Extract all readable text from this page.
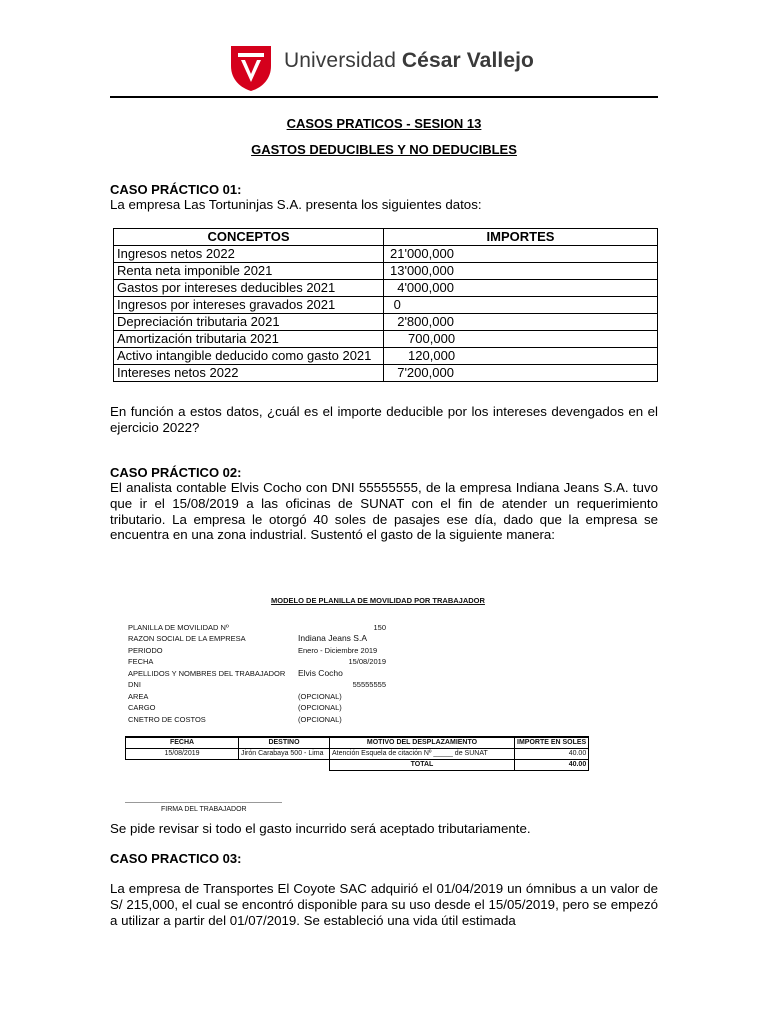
Universidad César Vallejo
CASOS PRATICOS - SESION 13
GASTOS DEDUCIBLES Y NO DEDUCIBLES
CASO PRÁCTICO 01:
La empresa Las Tortuninjas S.A. presenta los siguientes datos:
CONCEPTOS	IMPORTES
Ingresos netos 2022	21'000,000
Renta neta imponible 2021	13'000,000
Gastos por intereses deducibles 2021	4'000,000
Ingresos por intereses gravados 2021	0
Depreciación tributaria 2021	2'800,000
Amortización tributaria 2021	700,000
Activo intangible deducido como gasto 2021	120,000
Intereses netos 2022	7'200,000
En función a estos datos, ¿cuál es el importe deducible por los intereses devengados en el ejercicio 2022?
CASO PRÁCTICO 02:
El analista contable Elvis Cocho con DNI 55555555, de la empresa Indiana Jeans S.A. tuvo que ir el 15/08/2019 a las oficinas de SUNAT con el fin de atender un requerimiento tributario. La empresa le otorgó 40 soles de pasajes ese día, dado que la empresa se encuentra en una zona industrial. Sustentó el gasto de la siguiente manera:
MODELO DE PLANILLA DE MOVILIDAD POR TRABAJADOR
PLANILLA DE MOVILIDAD Nº	150
RAZON SOCIAL DE LA EMPRESA	Indiana Jeans S.A
PERIODO	Enero - Diciembre 2019
FECHA	15/08/2019
APELLIDOS Y NOMBRES DEL TRABAJADOR	Elvis Cocho
DNI	55555555
AREA	(OPCIONAL)
CARGO	(OPCIONAL)
CNETRO DE COSTOS	(OPCIONAL)
FECHA	DESTINO	MOTIVO DEL DESPLAZAMIENTO	IMPORTE EN SOLES
15/08/2019	Jirón Carabaya 500 - Lima	Atención Esquela de citación Nº _____ de SUNAT	40.00
		TOTAL	40.00
FIRMA DEL TRABAJADOR
Se pide revisar si todo el gasto incurrido será aceptado tributariamente.
CASO PRACTICO 03:
La empresa de Transportes El Coyote SAC adquirió el 01/04/2019 un ómnibus a un valor de S/ 215,000, el cual se encontró disponible para su uso desde el 15/05/2019, pero se empezó a utilizar a partir del 01/07/2019. Se estableció una vida útil estimada
